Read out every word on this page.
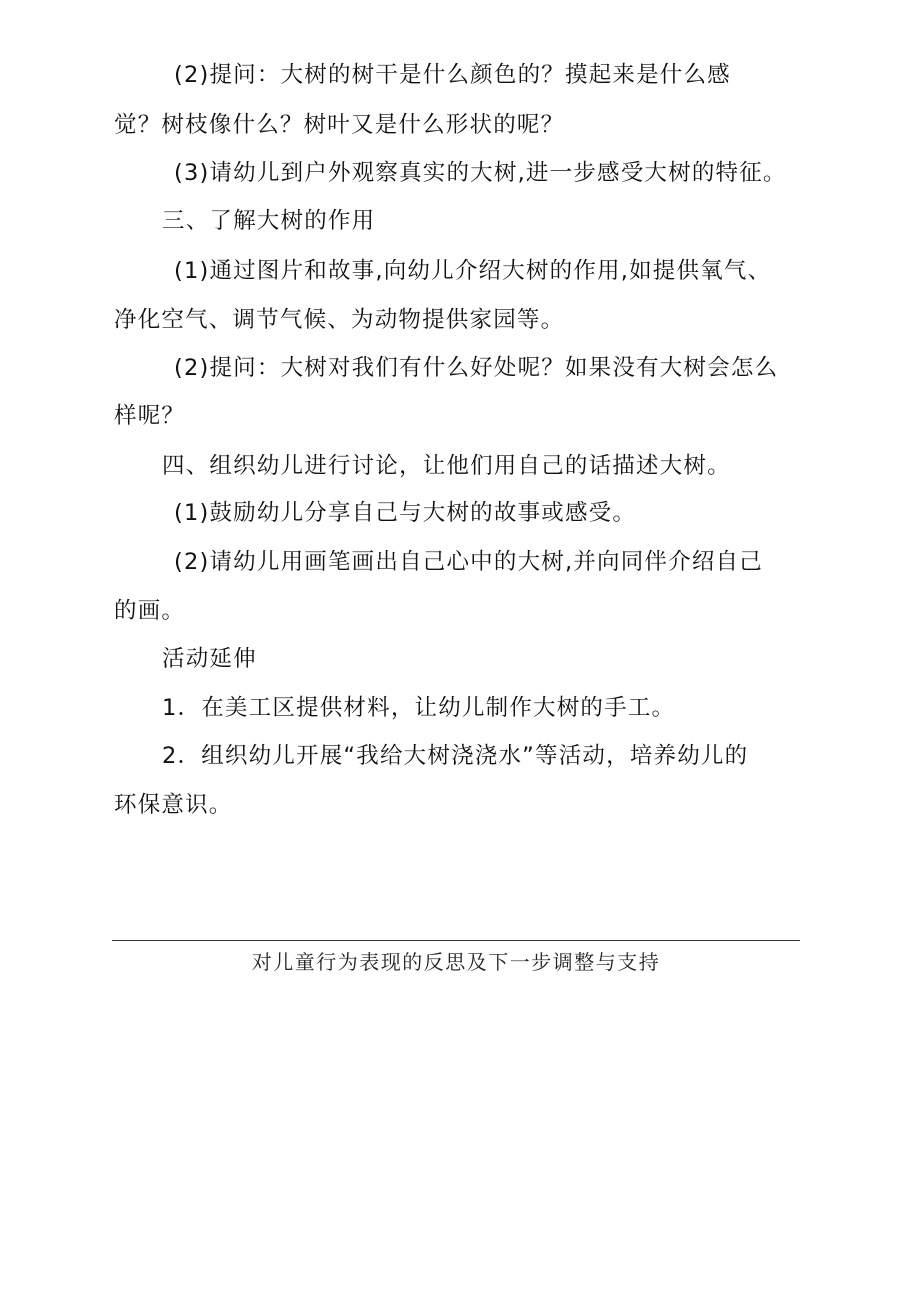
(2)提问：大树的树干是什么颜色的？摸起来是什么感
觉？树枝像什么？树叶又是什么形状的呢？
(3)请幼儿到户外观察真实的大树,进一步感受大树的特征。
三、了解大树的作用
(1)通过图片和故事,向幼儿介绍大树的作用,如提供氧气、
净化空气、调节气候、为动物提供家园等。
(2)提问：大树对我们有什么好处呢？如果没有大树会怎么
样呢？
四、组织幼儿进行讨论，让他们用自己的话描述大树。
(1)鼓励幼儿分享自己与大树的故事或感受。
(2)请幼儿用画笔画出自己心中的大树,并向同伴介绍自己
的画。
活动延伸
1．在美工区提供材料，让幼儿制作大树的手工。
2．组织幼儿开展“我给大树浇浇水”等活动，培养幼儿的
环保意识。
对儿童行为表现的反思及下一步调整与支持
